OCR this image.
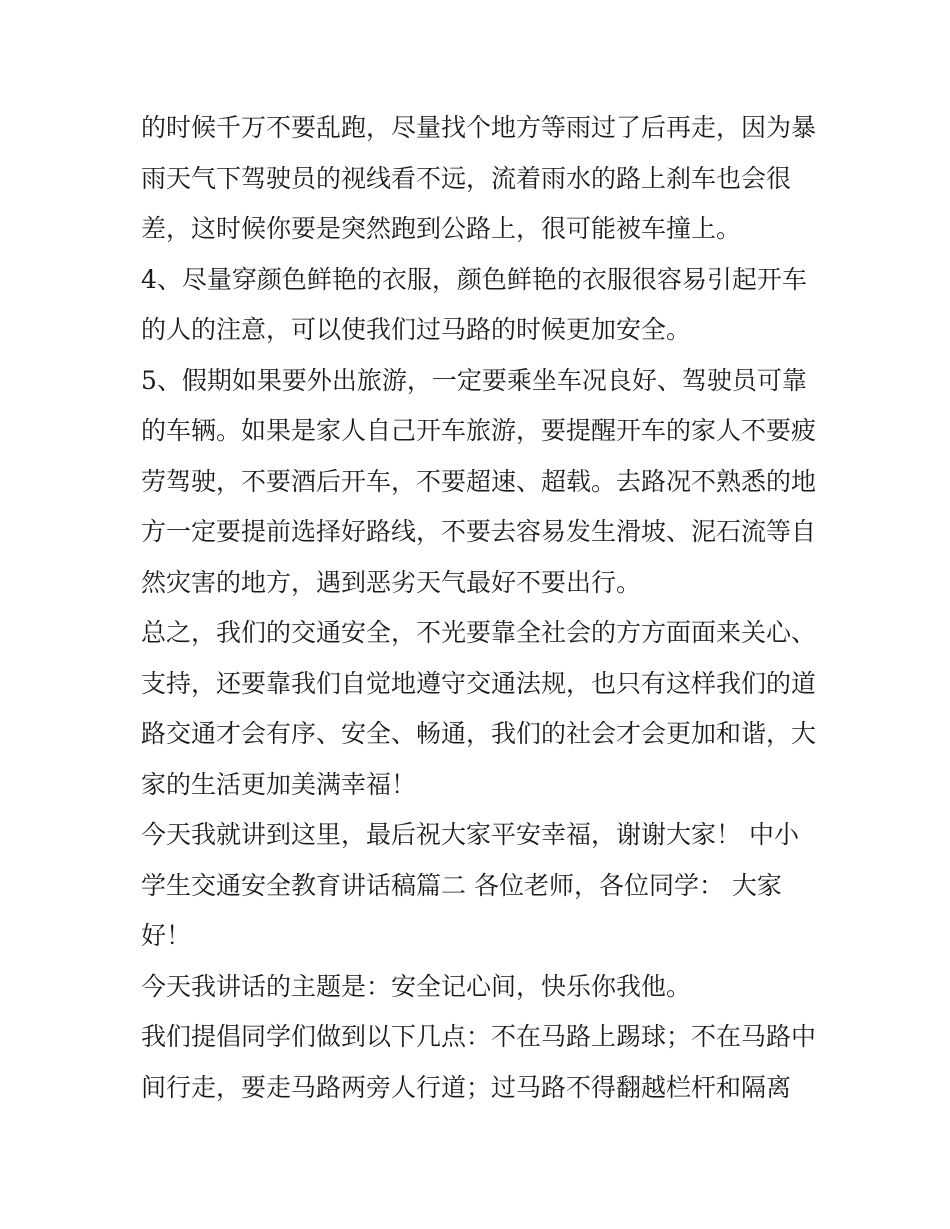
的时候千万不要乱跑，尽量找个地方等雨过了后再走，因为暴
雨天气下驾驶员的视线看不远，流着雨水的路上刹车也会很
差，这时候你要是突然跑到公路上，很可能被车撞上。
4、尽量穿颜色鲜艳的衣服，颜色鲜艳的衣服很容易引起开车
的人的注意，可以使我们过马路的时候更加安全。
5、假期如果要外出旅游，一定要乘坐车况良好、驾驶员可靠
的车辆。如果是家人自己开车旅游，要提醒开车的家人不要疲
劳驾驶，不要酒后开车，不要超速、超载。去路况不熟悉的地
方一定要提前选择好路线，不要去容易发生滑坡、泥石流等自
然灾害的地方，遇到恶劣天气最好不要出行。
总之，我们的交通安全，不光要靠全社会的方方面面来关心、
支持，还要靠我们自觉地遵守交通法规，也只有这样我们的道
路交通才会有序、安全、畅通，我们的社会才会更加和谐，大
家的生活更加美满幸福！
今天我就讲到这里，最后祝大家平安幸福，谢谢大家！ 中小
学生交通安全教育讲话稿篇二 各位老师，各位同学： 大家
好！
今天我讲话的主题是：安全记心间，快乐你我他。
我们提倡同学们做到以下几点：不在马路上踢球；不在马路中
间行走，要走马路两旁人行道；过马路不得翻越栏杆和隔离
